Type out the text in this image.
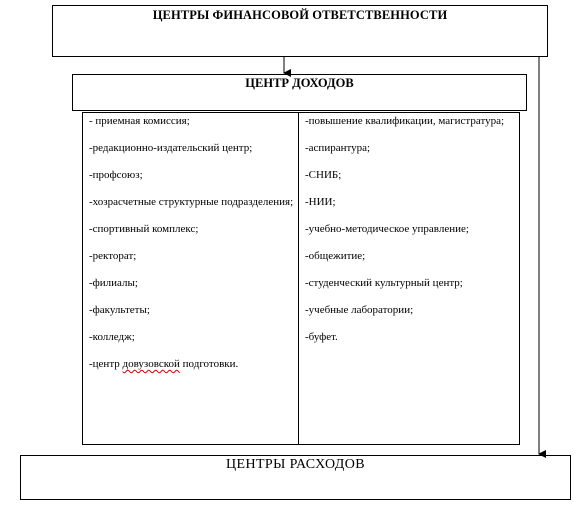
ЦЕНТРЫ ФИНАНСОВОЙ ОТВЕТСТВЕННОСТИ
ЦЕНТР ДОХОДОВ
- приемная комиссия;
-редакционно-издательский центр;
-профсоюз;
-хозрасчетные структурные подразделения;
-спортивный комплекс;
-ректорат;
-филиалы;
-факультеты;
-колледж;
-центр довузовской подготовки.
-повышение квалификации, магистратура;
-аспирантура;
-СНИБ;
-НИИ;
-учебно-методическое управление;
-общежитие;
-студенческий культурный центр;
-учебные лаборатории;
-буфет.
ЦЕНТРЫ РАСХОДОВ
